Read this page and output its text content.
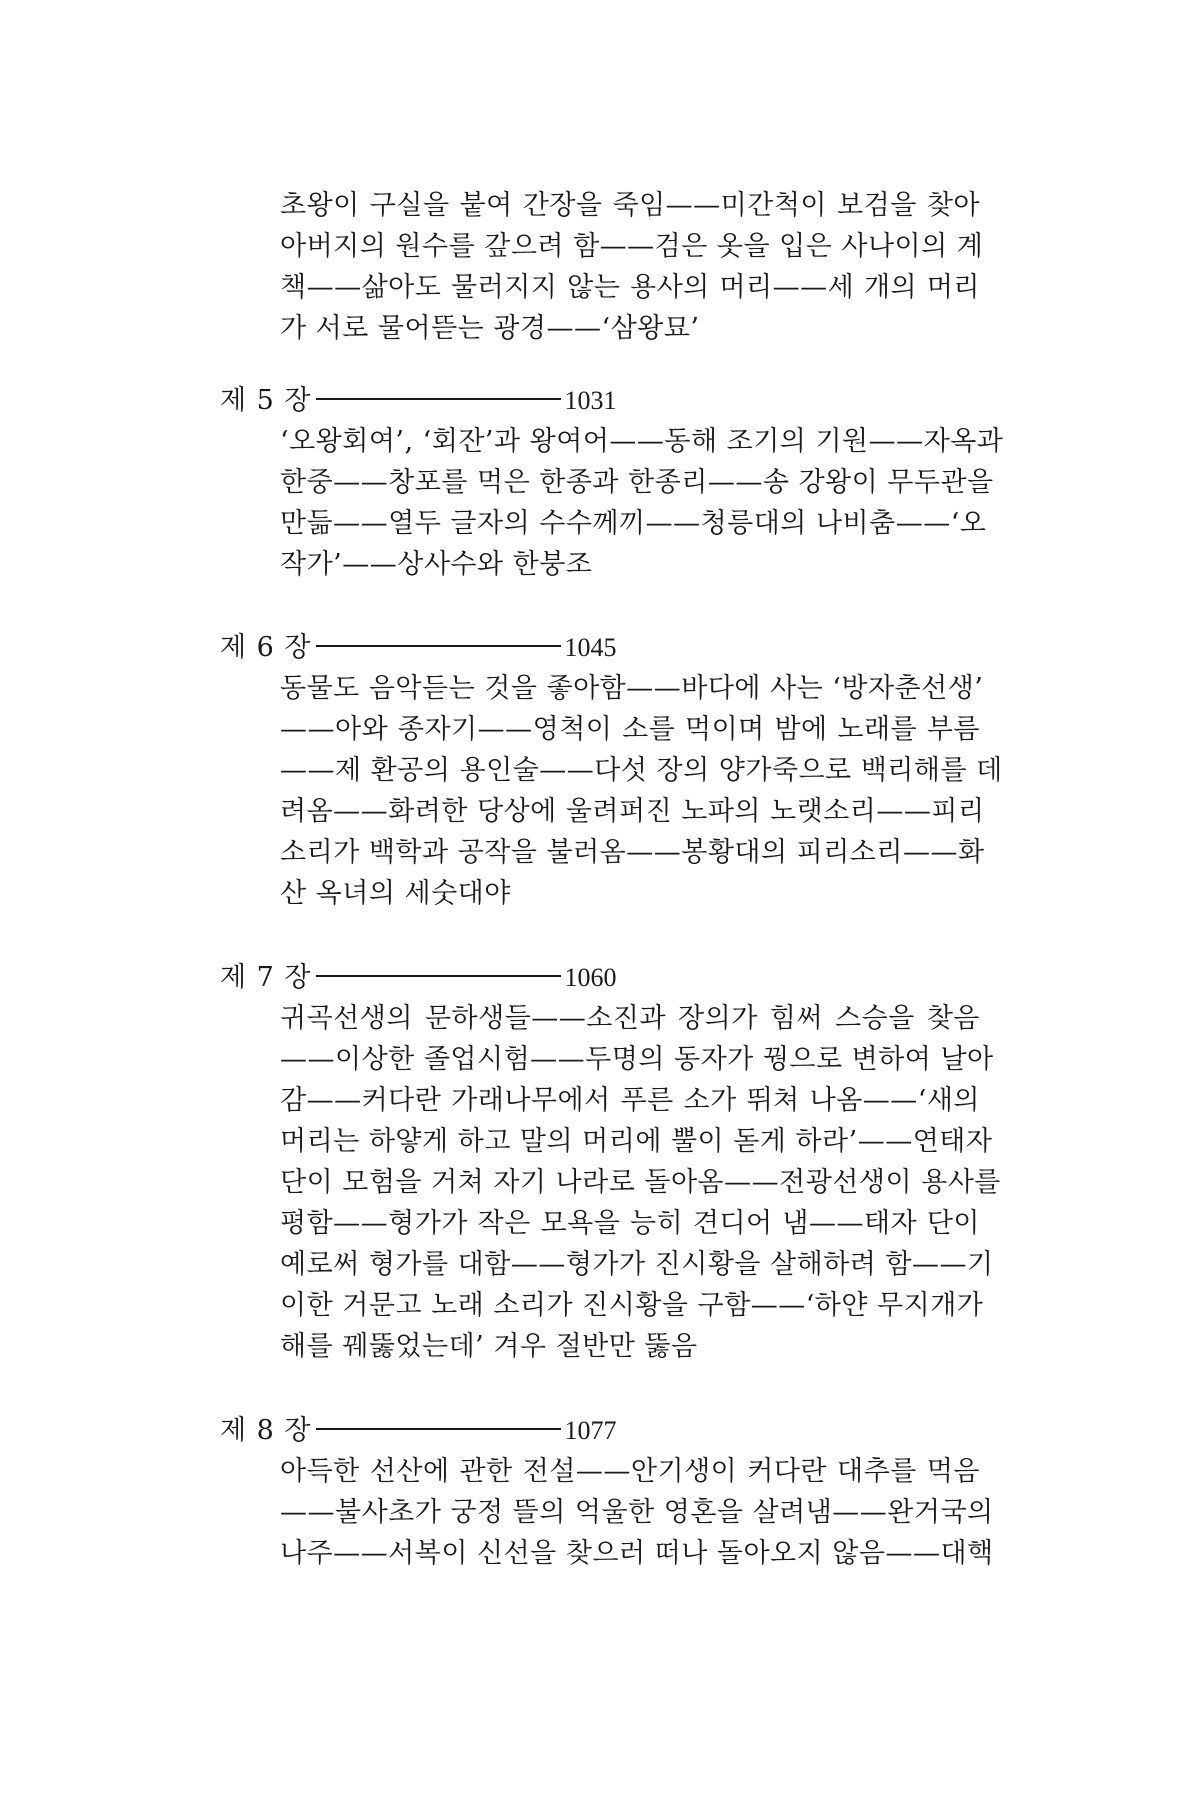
초왕이 구실을 붙여 간장을 죽임——미간척이 보검을 찾아
아버지의 원수를 갚으려 함——검은 옷을 입은 사나이의 계
책——삶아도 물러지지 않는 용사의 머리——세 개의 머리
가 서로 물어뜯는 광경——‘삼왕묘’
제 5 장	1031
‘오왕회여’, ‘회잔’과 왕여어——동해 조기의 기원——자옥과
한중——창포를 먹은 한종과 한종리——송 강왕이 무두관을
만듦——열두 글자의 수수께끼——청릉대의 나비춤——‘오
작가’——상사수와 한붕조
제 6 장	1045
동물도 음악듣는 것을 좋아함——바다에 사는 ‘방자춘선생’
——아와 종자기——영척이 소를 먹이며 밤에 노래를 부름
——제 환공의 용인술——다섯 장의 양가죽으로 백리해를 데
려옴——화려한 당상에 울려퍼진 노파의 노랫소리——피리
소리가 백학과 공작을 불러옴——봉황대의 피리소리——화
산 옥녀의 세숫대야
제 7 장	1060
귀곡선생의 문하생들——소진과 장의가 힘써 스승을 찾음
——이상한 졸업시험——두명의 동자가 꿩으로 변하여 날아
감——커다란 가래나무에서 푸른 소가 뛰쳐 나옴——‘새의
머리는 하얗게 하고 말의 머리에 뿔이 돋게 하라’——연태자
단이 모험을 거쳐 자기 나라로 돌아옴——전광선생이 용사를
평함——형가가 작은 모욕을 능히 견디어 냄——태자 단이
예로써 형가를 대함——형가가 진시황을 살해하려 함——기
이한 거문고 노래 소리가 진시황을 구함——‘하얀 무지개가
해를 꿰뚫었는데’ 겨우 절반만 뚫음
제 8 장	1077
아득한 선산에 관한 전설——안기생이 커다란 대추를 먹음
——불사초가 궁정 뜰의 억울한 영혼을 살려냄——완거국의
나주——서복이 신선을 찾으러 떠나 돌아오지 않음——대핵
